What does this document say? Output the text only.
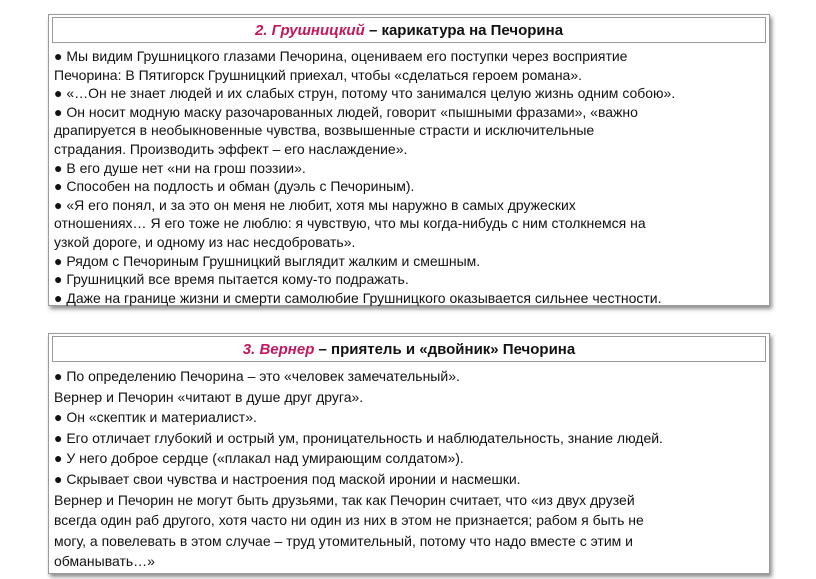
2. Грушницкий – карикатура на Печорина
● Мы видим Грушницкого глазами Печорина, оцениваем его поступки через восприятие
Печорина: В Пятигорск Грушницкий приехал, чтобы «сделаться героем романа».
● «…Он не знает людей и их слабых струн, потому что занимался целую жизнь одним собою».
● Он носит модную маску разочарованных людей, говорит «пышными фразами», «важно
драпируется в необыкновенные чувства, возвышенные страсти и исключительные
страдания. Производить эффект – его наслаждение».
● В его душе нет «ни на грош поэзии».
● Способен на подлость и обман (дуэль с Печориным).
● «Я его понял, и за это он меня не любит, хотя мы наружно в самых дружеских
отношениях… Я его тоже не люблю: я чувствую, что мы когда-нибудь с ним столкнемся на
узкой дороге, и одному из нас несдобровать».
● Рядом с Печориным Грушницкий выглядит жалким и смешным.
● Грушницкий все время пытается кому-то подражать.
● Даже на границе жизни и смерти самолюбие Грушницкого оказывается сильнее честности.
3. Вернер – приятель и «двойник» Печорина
● По определению Печорина – это «человек замечательный».
Вернер и Печорин «читают в душе друг друга».
● Он «скептик и материалист».
● Его отличает глубокий и острый ум, проницательность и наблюдательность, знание людей.
● У него доброе сердце («плакал над умирающим солдатом»).
● Скрывает свои чувства и настроения под маской иронии и насмешки.
Вернер и Печорин не могут быть друзьями, так как Печорин считает, что «из двух друзей
всегда один раб другого, хотя часто ни один из них в этом не признается; рабом я быть не
могу, а повелевать в этом случае – труд утомительный, потому что надо вместе с этим и
обманывать…»
